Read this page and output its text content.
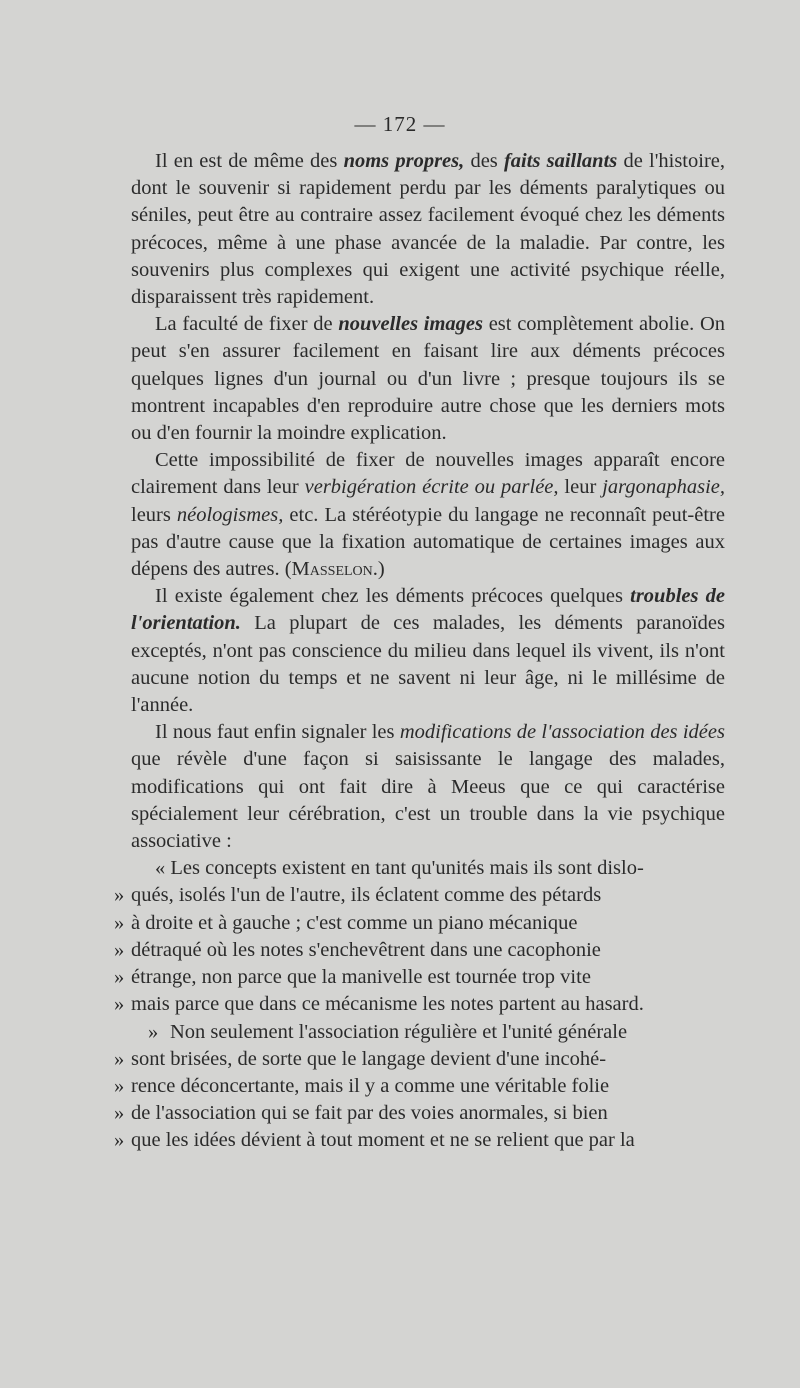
— 172 —

Il en est de même des noms propres, des faits saillants de l'histoire, dont le souvenir si rapidement perdu par les déments paralytiques ou séniles, peut être au contraire assez facilement évoqué chez les déments précoces, même à une phase avancée de la maladie. Par contre, les souvenirs plus complexes qui exigent une activité psychique réelle, disparaissent très rapidement.

La faculté de fixer de nouvelles images est complètement abolie. On peut s'en assurer facilement en faisant lire aux déments précoces quelques lignes d'un journal ou d'un livre ; presque toujours ils se montrent incapables d'en reproduire autre chose que les derniers mots ou d'en fournir la moindre explication.

Cette impossibilité de fixer de nouvelles images apparaît encore clairement dans leur verbigération écrite ou parlée, leur jargonaphasie, leurs néologismes, etc. La stéréotypie du langage ne reconnaît peut-être pas d'autre cause que la fixation automatique de certaines images aux dépens des autres. (Masselon.)

Il existe également chez les déments précoces quelques troubles de l'orientation. La plupart de ces malades, les déments paranoïdes exceptés, n'ont pas conscience du milieu dans lequel ils vivent, ils n'ont aucune notion du temps et ne savent ni leur âge, ni le millésime de l'année.

Il nous faut enfin signaler les modifications de l'association des idées que révèle d'une façon si saisissante le langage des malades, modifications qui ont fait dire à Meeus que ce qui caractérise spécialement leur cérébration, c'est un trouble dans la vie psychique associative :

« Les concepts existent en tant qu'unités mais ils sont dislo-

» qués, isolés l'un de l'autre, ils éclatent comme des pétards
» à droite et à gauche ; c'est comme un piano mécanique
» détraqué où les notes s'enchevêtrent dans une cacophonie
» étrange, non parce que la manivelle est tournée trop vite
» mais parce que dans ce mécanisme les notes partent au hasard.
» Non seulement l'association régulière et l'unité générale
» sont brisées, de sorte que le langage devient d'une incohé-
» rence déconcertante, mais il y a comme une véritable folie
» de l'association qui se fait par des voies anormales, si bien
» que les idées dévient à tout moment et ne se relient que par la
